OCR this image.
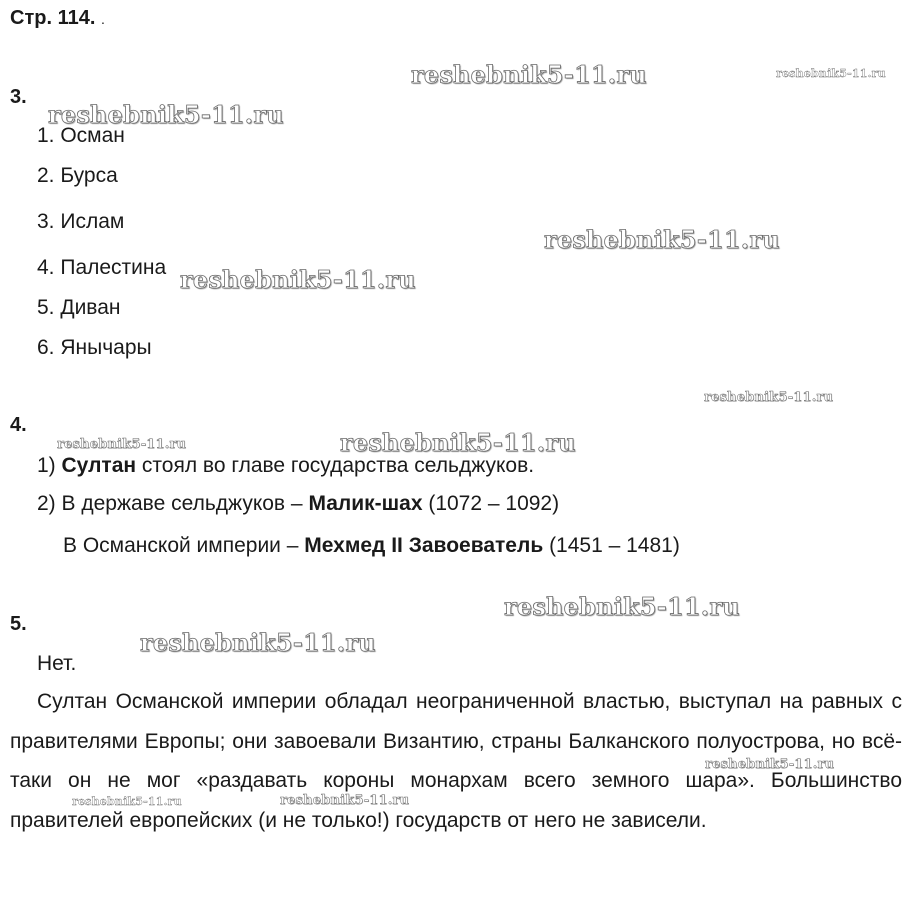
Стр. 114. .
3.
1. Осман
2. Бурса
3. Ислам
4. Палестина
5. Диван
6. Янычары
4.
1) Султан стоял во главе государства сельджуков.
2) В державе сельджуков – Малик-шах (1072 – 1092)
В Османской империи – Мехмед II Завоеватель (1451 – 1481)
5.
Нет.

Султан Османской империи обладал неограниченной властью, выступал на равных с правителями Европы; они завоевали Византию, страны Балканского полуострова, но всё-таки он не мог «раздавать короны монархам всего земного шара». Большинство правителей европейских (и не только!) государств от него не зависели.

reshebnik5-11.ru	reshebnik5-11.ru
reshebnik5-11.ru
reshebnik5-11.ru
reshebnik5-11.ru
reshebnik5-11.ru
reshebnik5-11.ru	reshebnik5-11.ru
reshebnik5-11.ru
reshebnik5-11.ru
reshebnik5-11.ru
reshebnik5-11.ru	reshebnik5-11.ru
